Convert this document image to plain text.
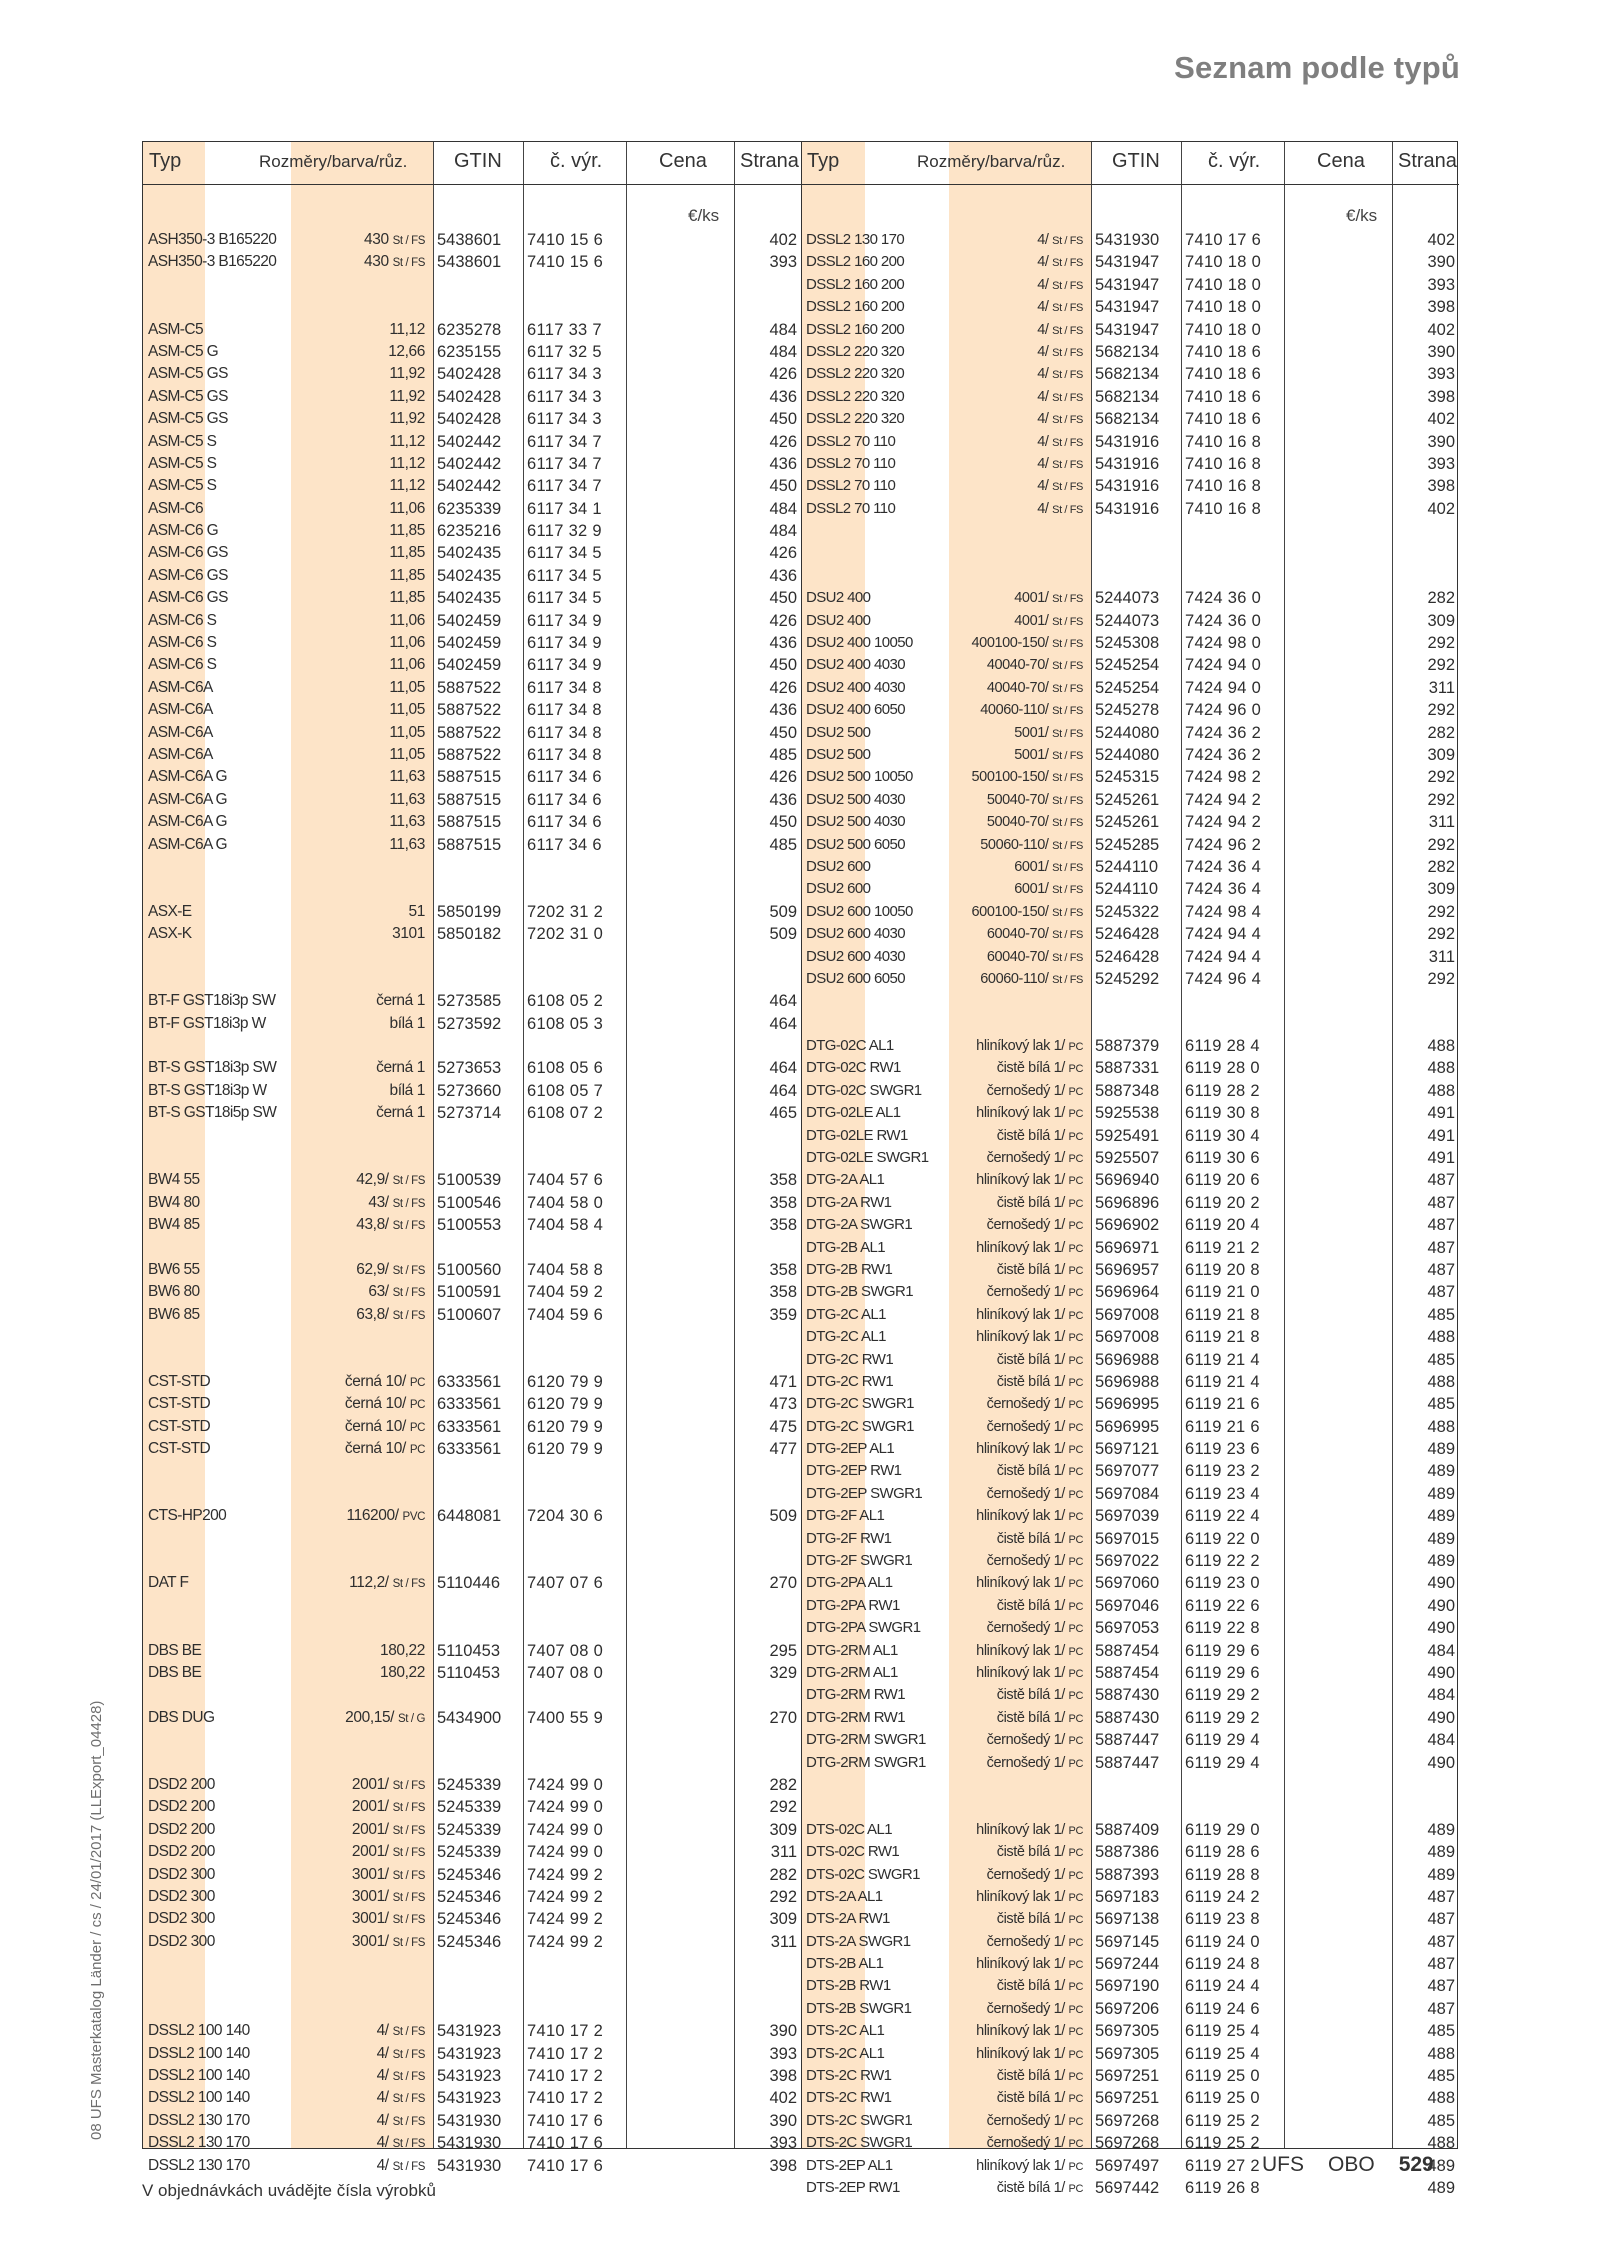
Seznam podle typů
08 UFS Masterkatalog Länder / cs / 24/01/2017 (LLExport_04428)
Typ	Rozměry/barva/růz. GTIN č. výr.	Cena Strana
€/ks
ASH350-3 B165220	430 St / FS 5438601 7410 15 6	402
ASH350-3 B165220	430 St / FS 5438601 7410 15 6	393
ASM-C5	11,12 6235278 6117 33 7	484
ASM-C5 G	12,66 6235155 6117 32 5	484
ASM-C5 GS	11,92 5402428 6117 34 3	426
ASM-C5 GS	11,92 5402428 6117 34 3	436
ASM-C5 GS	11,92 5402428 6117 34 3	450
ASM-C5 S	11,12 5402442 6117 34 7	426
ASM-C5 S	11,12 5402442 6117 34 7	436
ASM-C5 S	11,12 5402442 6117 34 7	450
ASM-C6	11,06 6235339 6117 34 1	484
ASM-C6 G	11,85 6235216 6117 32 9	484
ASM-C6 GS	11,85 5402435 6117 34 5	426
ASM-C6 GS	11,85 5402435 6117 34 5	436
ASM-C6 GS	11,85 5402435 6117 34 5	450
ASM-C6 S	11,06 5402459 6117 34 9	426
ASM-C6 S	11,06 5402459 6117 34 9	436
ASM-C6 S	11,06 5402459 6117 34 9	450
ASM-C6A	11,05 5887522 6117 34 8	426
ASM-C6A	11,05 5887522 6117 34 8	436
ASM-C6A	11,05 5887522 6117 34 8	450
ASM-C6A	11,05 5887522 6117 34 8	485
ASM-C6A G	11,63 5887515 6117 34 6	426
ASM-C6A G	11,63 5887515 6117 34 6	436
ASM-C6A G	11,63 5887515 6117 34 6	450
ASM-C6A G	11,63 5887515 6117 34 6	485
ASX-E	51 5850199 7202 31 2	509
ASX-K	3101 5850182 7202 31 0	509
BT-F GST18i3p SW	černá 1 5273585 6108 05 2	464
BT-F GST18i3p W	bílá 1 5273592 6108 05 3	464
BT-S GST18i3p SW	černá 1 5273653 6108 05 6	464
BT-S GST18i3p W	bílá 1 5273660 6108 05 7	464
BT-S GST18i5p SW	černá 1 5273714 6108 07 2	465
BW4 55	42,9/ St / FS 5100539 7404 57 6	358
BW4 80	43/ St / FS 5100546 7404 58 0	358
BW4 85	43,8/ St / FS 5100553 7404 58 4	358
BW6 55	62,9/ St / FS 5100560 7404 58 8	358
BW6 80	63/ St / FS 5100591 7404 59 2	358
BW6 85	63,8/ St / FS 5100607 7404 59 6	359
CST-STD	černá 10/ PC 6333561 6120 79 9	471
CST-STD	černá 10/ PC 6333561 6120 79 9	473
CST-STD	černá 10/ PC 6333561 6120 79 9	475
CST-STD	černá 10/ PC 6333561 6120 79 9	477
CTS-HP200	116200/ PVC 6448081 7204 30 6	509
DAT F	112,2/ St / FS 5110446 7407 07 6	270
DBS BE	180,22 5110453 7407 08 0	295
DBS BE	180,22 5110453 7407 08 0	329
DBS DUG	200,15/ St / G 5434900 7400 55 9	270
DSD2 200	2001/ St / FS 5245339 7424 99 0	282
DSD2 200	2001/ St / FS 5245339 7424 99 0	292
DSD2 200	2001/ St / FS 5245339 7424 99 0	309
DSD2 200	2001/ St / FS 5245339 7424 99 0	311
DSD2 300	3001/ St / FS 5245346 7424 99 2	282
DSD2 300	3001/ St / FS 5245346 7424 99 2	292
DSD2 300	3001/ St / FS 5245346 7424 99 2	309
DSD2 300	3001/ St / FS 5245346 7424 99 2	311
DSSL2 100 140	4/ St / FS 5431923 7410 17 2	390
DSSL2 100 140	4/ St / FS 5431923 7410 17 2	393
DSSL2 100 140	4/ St / FS 5431923 7410 17 2	398
DSSL2 100 140	4/ St / FS 5431923 7410 17 2	402
DSSL2 130 170	4/ St / FS 5431930 7410 17 6	390
DSSL2 130 170	4/ St / FS 5431930 7410 17 6	393
DSSL2 130 170	4/ St / FS 5431930 7410 17 6	398
Typ	Rozměry/barva/růz. GTIN č. výr.	Cena Strana
€/ks
DSSL2 130 170	4/ St / FS 5431930 7410 17 6	402
DSSL2 160 200	4/ St / FS 5431947 7410 18 0	390
DSSL2 160 200	4/ St / FS 5431947 7410 18 0	393
DSSL2 160 200	4/ St / FS 5431947 7410 18 0	398
DSSL2 160 200	4/ St / FS 5431947 7410 18 0	402
DSSL2 220 320	4/ St / FS 5682134 7410 18 6	390
DSSL2 220 320	4/ St / FS 5682134 7410 18 6	393
DSSL2 220 320	4/ St / FS 5682134 7410 18 6	398
DSSL2 220 320	4/ St / FS 5682134 7410 18 6	402
DSSL2 70 110	4/ St / FS 5431916 7410 16 8	390
DSSL2 70 110	4/ St / FS 5431916 7410 16 8	393
DSSL2 70 110	4/ St / FS 5431916 7410 16 8	398
DSSL2 70 110	4/ St / FS 5431916 7410 16 8	402
DSU2 400	4001/ St / FS 5244073 7424 36 0	282
DSU2 400	4001/ St / FS 5244073 7424 36 0	309
DSU2 400 10050	400100-150/ St / FS 5245308 7424 98 0	292
DSU2 400 4030	40040-70/ St / FS 5245254 7424 94 0	292
DSU2 400 4030	40040-70/ St / FS 5245254 7424 94 0	311
DSU2 400 6050	40060-110/ St / FS 5245278 7424 96 0	292
DSU2 500	5001/ St / FS 5244080 7424 36 2	282
DSU2 500	5001/ St / FS 5244080 7424 36 2	309
DSU2 500 10050	500100-150/ St / FS 5245315 7424 98 2	292
DSU2 500 4030	50040-70/ St / FS 5245261 7424 94 2	292
DSU2 500 4030	50040-70/ St / FS 5245261 7424 94 2	311
DSU2 500 6050	50060-110/ St / FS 5245285 7424 96 2	292
DSU2 600	6001/ St / FS 5244110 7424 36 4	282
DSU2 600	6001/ St / FS 5244110 7424 36 4	309
DSU2 600 10050	600100-150/ St / FS 5245322 7424 98 4	292
DSU2 600 4030	60040-70/ St / FS 5246428 7424 94 4	292
DSU2 600 4030	60040-70/ St / FS 5246428 7424 94 4	311
DSU2 600 6050	60060-110/ St / FS 5245292 7424 96 4	292
DTG-02C AL1	hliníkový lak 1/ PC 5887379 6119 28 4	488
DTG-02C RW1	čistě bílá 1/ PC 5887331 6119 28 0	488
DTG-02C SWGR1	černošedý 1/ PC 5887348 6119 28 2	488
DTG-02LE AL1	hliníkový lak 1/ PC 5925538 6119 30 8	491
DTG-02LE RW1	čistě bílá 1/ PC 5925491 6119 30 4	491
DTG-02LE SWGR1	černošedý 1/ PC 5925507 6119 30 6	491
DTG-2A AL1	hliníkový lak 1/ PC 5696940 6119 20 6	487
DTG-2A RW1	čistě bílá 1/ PC 5696896 6119 20 2	487
DTG-2A SWGR1	černošedý 1/ PC 5696902 6119 20 4	487
DTG-2B AL1	hliníkový lak 1/ PC 5696971 6119 21 2	487
DTG-2B RW1	čistě bílá 1/ PC 5696957 6119 20 8	487
DTG-2B SWGR1	černošedý 1/ PC 5696964 6119 21 0	487
DTG-2C AL1	hliníkový lak 1/ PC 5697008 6119 21 8	485
DTG-2C AL1	hliníkový lak 1/ PC 5697008 6119 21 8	488
DTG-2C RW1	čistě bílá 1/ PC 5696988 6119 21 4	485
DTG-2C RW1	čistě bílá 1/ PC 5696988 6119 21 4	488
DTG-2C SWGR1	černošedý 1/ PC 5696995 6119 21 6	485
DTG-2C SWGR1	černošedý 1/ PC 5696995 6119 21 6	488
DTG-2EP AL1	hliníkový lak 1/ PC 5697121 6119 23 6	489
DTG-2EP RW1	čistě bílá 1/ PC 5697077 6119 23 2	489
DTG-2EP SWGR1	černošedý 1/ PC 5697084 6119 23 4	489
DTG-2F AL1	hliníkový lak 1/ PC 5697039 6119 22 4	489
DTG-2F RW1	čistě bílá 1/ PC 5697015 6119 22 0	489
DTG-2F SWGR1	černošedý 1/ PC 5697022 6119 22 2	489
DTG-2PA AL1	hliníkový lak 1/ PC 5697060 6119 23 0	490
DTG-2PA RW1	čistě bílá 1/ PC 5697046 6119 22 6	490
DTG-2PA SWGR1	černošedý 1/ PC 5697053 6119 22 8	490
DTG-2RM AL1	hliníkový lak 1/ PC 5887454 6119 29 6	484
DTG-2RM AL1	hliníkový lak 1/ PC 5887454 6119 29 6	490
DTG-2RM RW1	čistě bílá 1/ PC 5887430 6119 29 2	484
DTG-2RM RW1	čistě bílá 1/ PC 5887430 6119 29 2	490
DTG-2RM SWGR1	černošedý 1/ PC 5887447 6119 29 4	484
DTG-2RM SWGR1	černošedý 1/ PC 5887447 6119 29 4	490
DTS-02C AL1	hliníkový lak 1/ PC 5887409 6119 29 0	489
DTS-02C RW1	čistě bílá 1/ PC 5887386 6119 28 6	489
DTS-02C SWGR1	černošedý 1/ PC 5887393 6119 28 8	489
DTS-2A AL1	hliníkový lak 1/ PC 5697183 6119 24 2	487
DTS-2A RW1	čistě bílá 1/ PC 5697138 6119 23 8	487
DTS-2A SWGR1	černošedý 1/ PC 5697145 6119 24 0	487
DTS-2B AL1	hliníkový lak 1/ PC 5697244 6119 24 8	487
DTS-2B RW1	čistě bílá 1/ PC 5697190 6119 24 4	487
DTS-2B SWGR1	černošedý 1/ PC 5697206 6119 24 6	487
DTS-2C AL1	hliníkový lak 1/ PC 5697305 6119 25 4	485
DTS-2C AL1	hliníkový lak 1/ PC 5697305 6119 25 4	488
DTS-2C RW1	čistě bílá 1/ PC 5697251 6119 25 0	485
DTS-2C RW1	čistě bílá 1/ PC 5697251 6119 25 0	488
DTS-2C SWGR1	černošedý 1/ PC 5697268 6119 25 2	485
DTS-2C SWGR1	černošedý 1/ PC 5697268 6119 25 2	488
DTS-2EP AL1	hliníkový lak 1/ PC 5697497 6119 27 2	489
DTS-2EP RW1	čistě bílá 1/ PC 5697442 6119 26 8	489
V objednávkách uvádějte čísla výrobků
UFS OBO 529
